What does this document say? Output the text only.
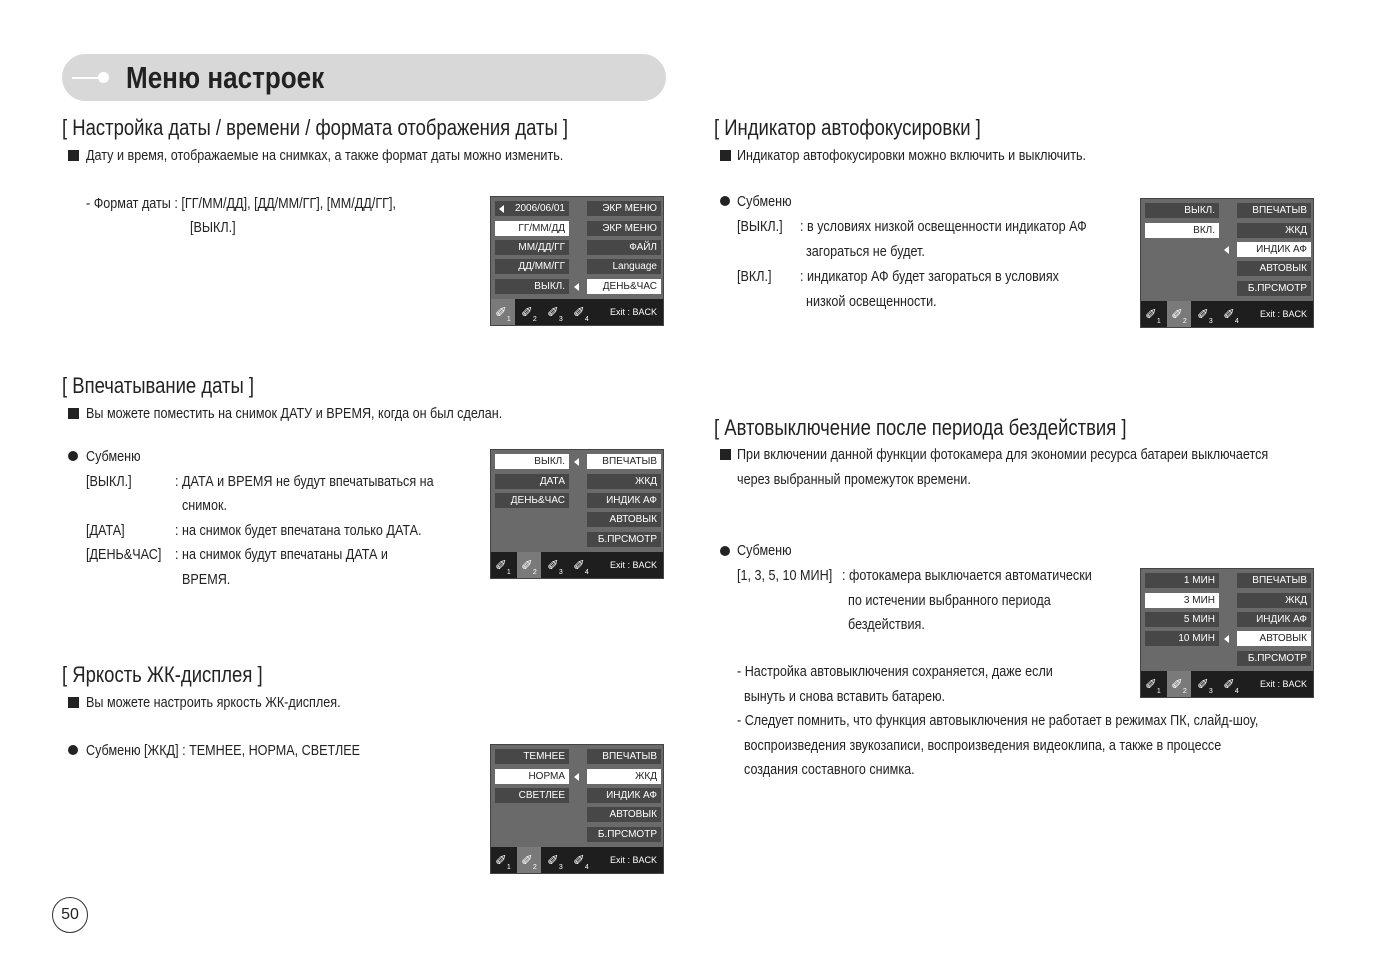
Меню настроек
[ Настройка даты / времени / формата отображения даты ]
Дату и время, отображаемые на снимках, а также формат даты можно изменить.
- Формат даты : [ГГ/ММ/ДД], [ДД/ММ/ГГ], [ММ/ДД/ГГ],
[ВЫКЛ.]
2006/06/01
ГГ/ММ/ДД
ММ/ДД/ГГ
ДД/ММ/ГГ
ВЫКЛ.
ЭКР МЕНЮ
ЭКР МЕНЮ
ФАЙЛ
Language
ДЕНЬ&ЧАС
$✐_1$ $✐_2$ $✐_3$ $✐_4$
Exit : BACK
[ Впечатывание даты ]
Вы можете поместить на снимок ДАТУ и ВРЕМЯ, когда он был сделан.
Субменю
[ВЫКЛ.]	: ДАТА и ВРЕМЯ не будут впечатываться на
снимок.
[ДАТА]	: на снимок будет впечатана только ДАТА.
[ДЕНЬ&ЧАС] : на снимок будут впечатаны ДАТА и
ВРЕМЯ.
ВЫКЛ.
ДАТА
ДЕНЬ&ЧАС
ВПЕЧАТЫВ
ЖКД
ИНДИК АФ
АВТОВЫК
Б.ПРСМОТР
$✐_1$ $✐_2$ $✐_3$ $✐_4$
Exit : BACK
[ Яркость ЖК-дисплея ]
Вы можете настроить яркость ЖК-дисплея.
Субменю [ЖКД] : ТЕМНЕЕ, НОРМА, СВЕТЛЕЕ	ТЕМНЕЕ
НОРМА
СВЕТЛЕЕ
ВПЕЧАТЫВ
ЖКД
ИНДИК АФ
АВТОВЫК
Б.ПРСМОТР
$✐_1$ $✐_2$ $✐_3$ $✐_4$
Exit : BACK
[ Индикатор автофокусировки ]
Индикатор автофокусировки можно включить и выключить.
Субменю
[ВЫКЛ.] : в условиях низкой освещенности индикатор АФ
загораться не будет.
[ВКЛ.] : индикатор АФ будет загораться в условиях
низкой освещенности.
ВЫКЛ.
ВКЛ.
ВПЕЧАТЫВ
ЖКД
ИНДИК АФ
АВТОВЫК
Б.ПРСМОТР
$✐_1$ $✐_2$ $✐_3$ $✐_4$
Exit : BACK
[ Автовыключение после периода бездействия ]
При включении данной функции фотокамера для экономии ресурса батареи выключается
через выбранный промежуток времени.
Субменю
[1, 3, 5, 10 МИН] : фотокамера выключается автоматически
по истечении выбранного периода
бездействия.
- Настройка автовыключения сохраняется, даже если
вынуть и снова вставить батарею.
- Следует помнить, что функция автовыключения не работает в режимах ПК, слайд-шоу,
воспроизведения звукозаписи, воспроизведения видеоклипа, а также в процессе
создания составного снимка.
1 МИН
3 МИН
5 МИН
10 МИН
ВПЕЧАТЫВ
ЖКД
ИНДИК АФ
АВТОВЫК
Б.ПРСМОТР
$✐_1$ $✐_2$ $✐_3$ $✐_4$
Exit : BACK
50
